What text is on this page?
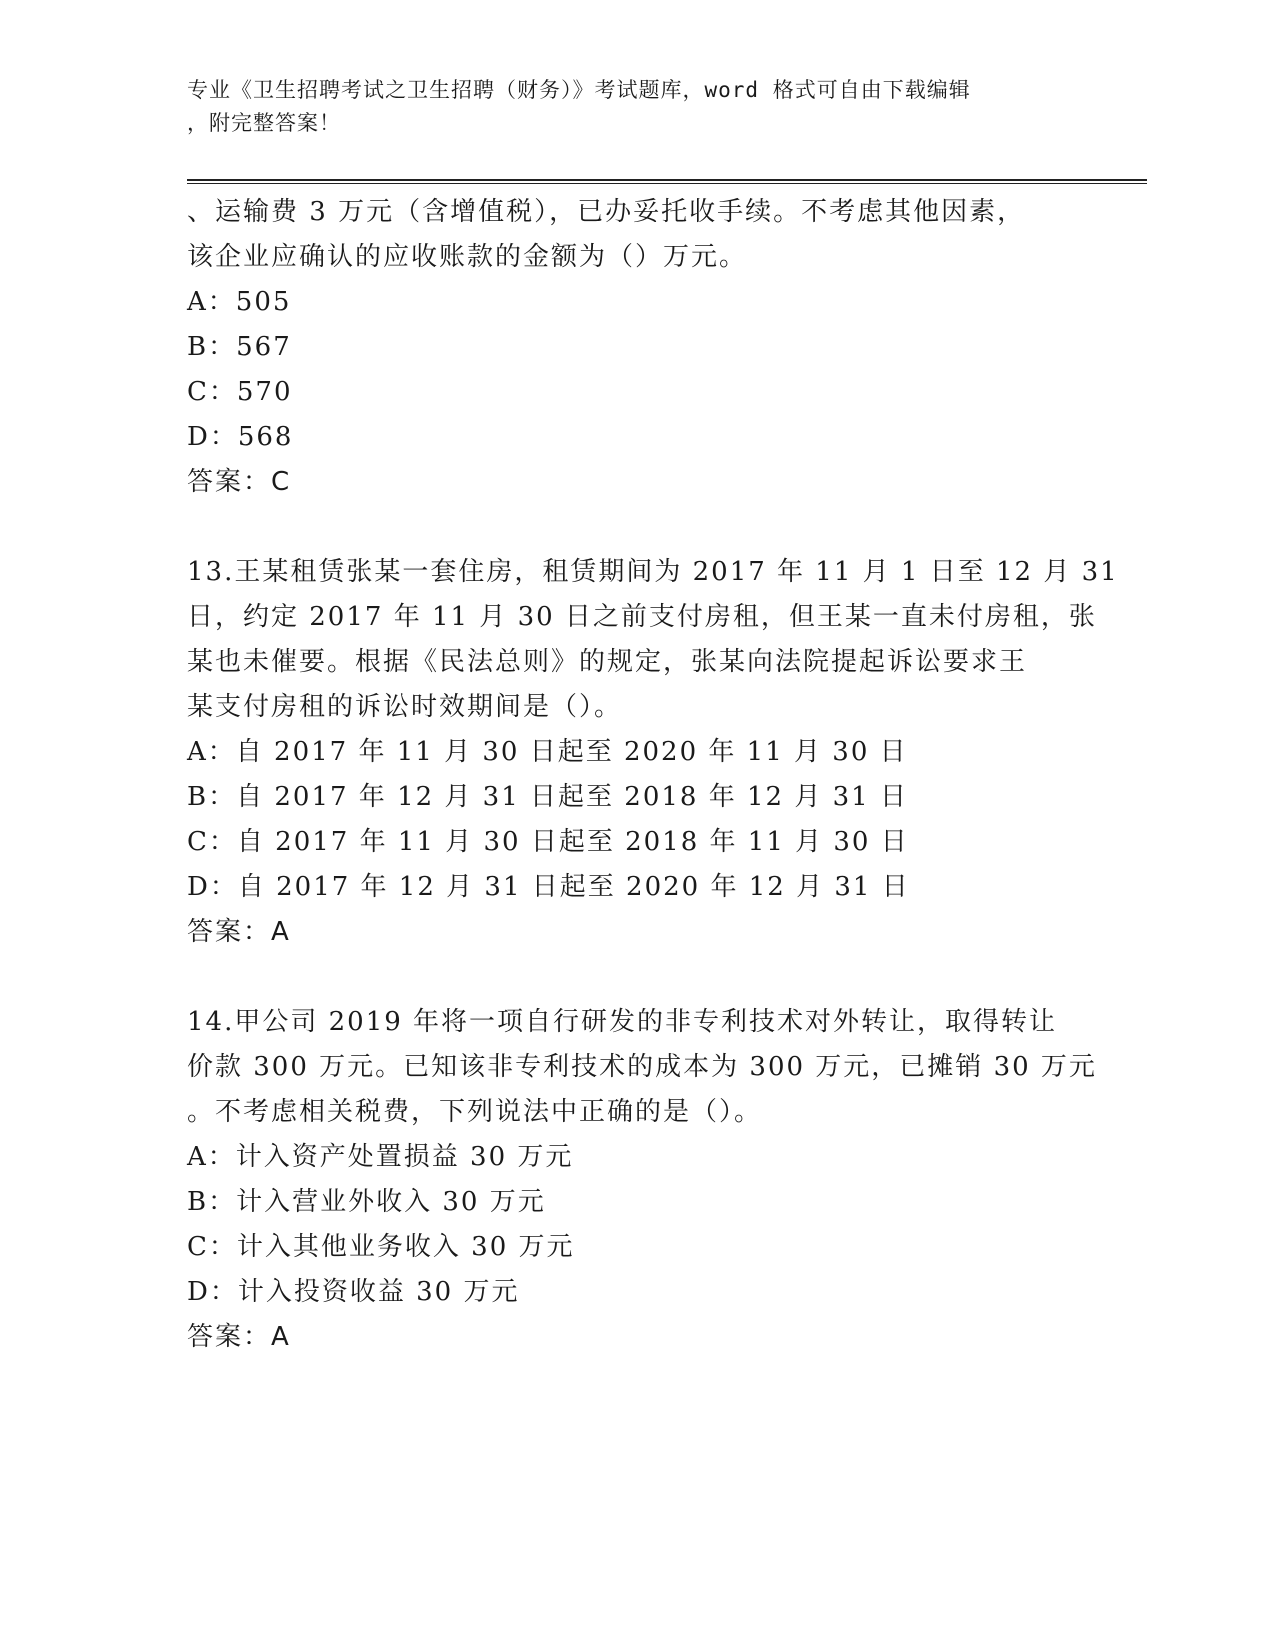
专业《卫生招聘考试之卫生招聘（财务）》考试题库，word 格式可自由下载编辑
，附完整答案！
、运输费 3 万元（含增值税），已办妥托收手续。不考虑其他因素，
该企业应确认的应收账款的金额为（）万元。
A：505
B：567
C：570
D：568
答案：C
13.王某租赁张某一套住房，租赁期间为 2017 年 11 月 1 日至 12 月 31
日，约定 2017 年 11 月 30 日之前支付房租，但王某一直未付房租，张
某也未催要。根据《民法总则》的规定，张某向法院提起诉讼要求王
某支付房租的诉讼时效期间是（）。
A：自 2017 年 11 月 30 日起至 2020 年 11 月 30 日
B：自 2017 年 12 月 31 日起至 2018 年 12 月 31 日
C：自 2017 年 11 月 30 日起至 2018 年 11 月 30 日
D：自 2017 年 12 月 31 日起至 2020 年 12 月 31 日
答案：A
14.甲公司 2019 年将一项自行研发的非专利技术对外转让，取得转让
价款 300 万元。已知该非专利技术的成本为 300 万元，已摊销 30 万元
。不考虑相关税费，下列说法中正确的是（）。
A：计入资产处置损益 30 万元
B：计入营业外收入 30 万元
C：计入其他业务收入 30 万元
D：计入投资收益 30 万元
答案：A
